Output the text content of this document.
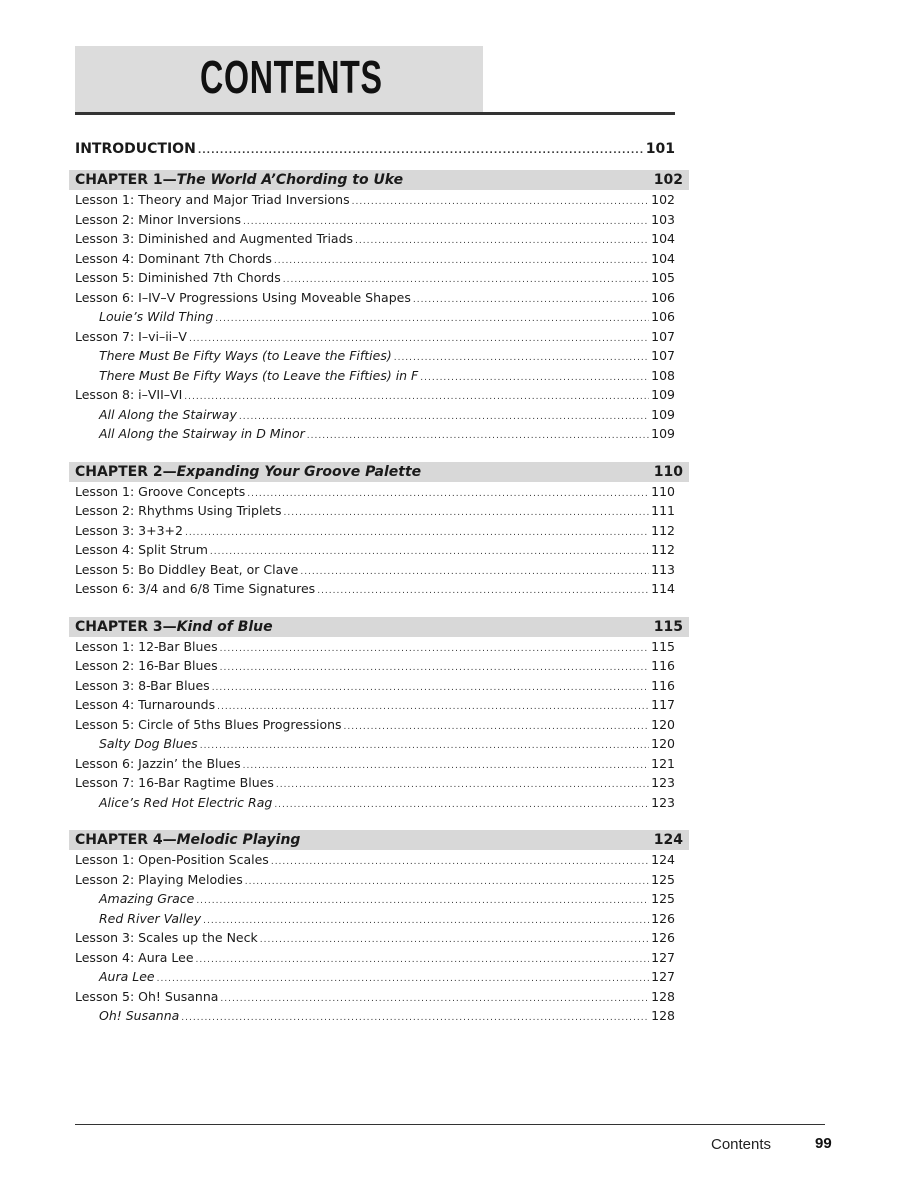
CONTENTS
INTRODUCTION .....	101
CHAPTER 1—The World A’Chording to Uke	102
Lesson 1: Theory and Major Triad Inversions .....	102
Lesson 2: Minor Inversions .....	103
Lesson 3: Diminished and Augmented Triads .....	104
Lesson 4: Dominant 7th Chords .....	104
Lesson 5: Diminished 7th Chords .....	105
Lesson 6: I–IV–V Progressions Using Moveable Shapes .....	106
Louie’s Wild Thing .....	106
Lesson 7: I–vi–ii–V .....	107
There Must Be Fifty Ways (to Leave the Fifties) .....	107
There Must Be Fifty Ways (to Leave the Fifties) in F .....	108
Lesson 8: i–VII–VI .....	109
All Along the Stairway .....	109
All Along the Stairway in D Minor .....	109
CHAPTER 2—Expanding Your Groove Palette	110
Lesson 1: Groove Concepts .....	110
Lesson 2: Rhythms Using Triplets .....	111
Lesson 3: 3+3+2 .....	112
Lesson 4: Split Strum .....	112
Lesson 5: Bo Diddley Beat, or Clave .....	113
Lesson 6: 3/4 and 6/8 Time Signatures .....	114
CHAPTER 3—Kind of Blue	115
Lesson 1: 12-Bar Blues .....	115
Lesson 2: 16-Bar Blues .....	116
Lesson 3: 8-Bar Blues .....	116
Lesson 4: Turnarounds .....	117
Lesson 5: Circle of 5ths Blues Progressions .....	120
Salty Dog Blues .....	120
Lesson 6: Jazzin’ the Blues .....	121
Lesson 7: 16-Bar Ragtime Blues .....	123
Alice’s Red Hot Electric Rag .....	123
CHAPTER 4—Melodic Playing	124
Lesson 1: Open-Position Scales .....	124
Lesson 2: Playing Melodies .....	125
Amazing Grace .....	125
Red River Valley .....	126
Lesson 3: Scales up the Neck .....	126
Lesson 4: Aura Lee .....	127
Aura Lee .....	127
Lesson 5: Oh! Susanna .....	128
Oh! Susanna .....	128
Contents	99
